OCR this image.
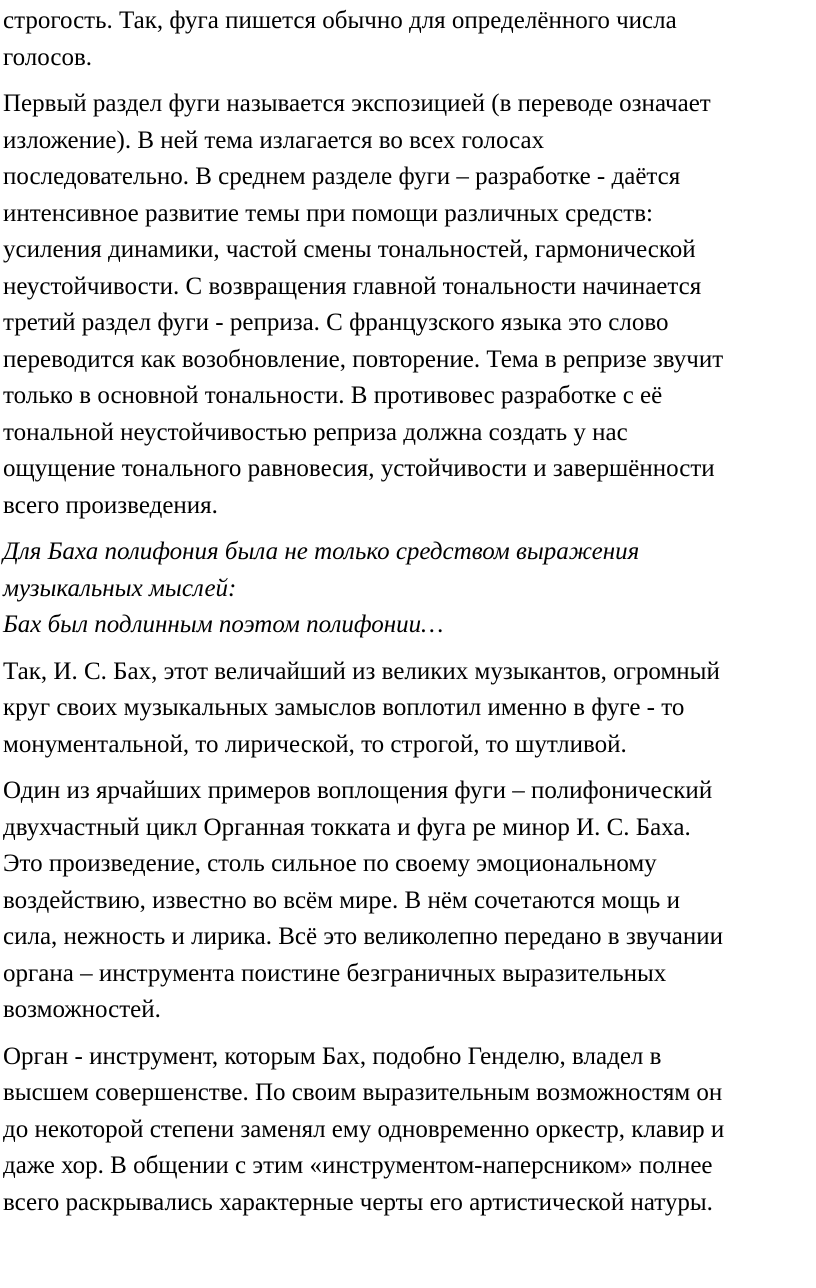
строгость. Так, фуга пишется обычно для определённого числа
голосов.
Первый раздел фуги называется экспозицией (в переводе означает
изложение). В ней тема излагается во всех голосах
последовательно. В среднем разделе фуги – разработке - даётся
интенсивное развитие темы при помощи различных средств:
усиления динамики, частой смены тональностей, гармонической
неустойчивости. С возвращения главной тональности начинается
третий раздел фуги - реприза. С французского языка это слово
переводится как возобновление, повторение. Тема в репризе звучит
только в основной тональности. В противовес разработке с её
тональной неустойчивостью реприза должна создать у нас
ощущение тонального равновесия, устойчивости и завершённости
всего произведения.
Для Баха полифония была не только средством выражения
музыкальных мыслей:
Бах был подлинным поэтом полифонии…
Так, И. С. Бах, этот величайший из великих музыкантов, огромный
круг своих музыкальных замыслов воплотил именно в фуге - то
монументальной, то лирической, то строгой, то шутливой.
Один из ярчайших примеров воплощения фуги – полифонический
двухчастный цикл Органная токката и фуга ре минор И. С. Баха.
Это произведение, столь сильное по своему эмоциональному
воздействию, известно во всём мире. В нём сочетаются мощь и
сила, нежность и лирика. Всё это великолепно передано в звучании
органа – инструмента поистине безграничных выразительных
возможностей.
Орган - инструмент, которым Бах, подобно Генделю, владел в
высшем совершенстве. По своим выразительным возможностям он
до некоторой степени заменял ему одновременно оркестр, клавир и
даже хор. В общении с этим «инструментом-наперсником» полнее
всего раскрывались характерные черты его артистической натуры.
